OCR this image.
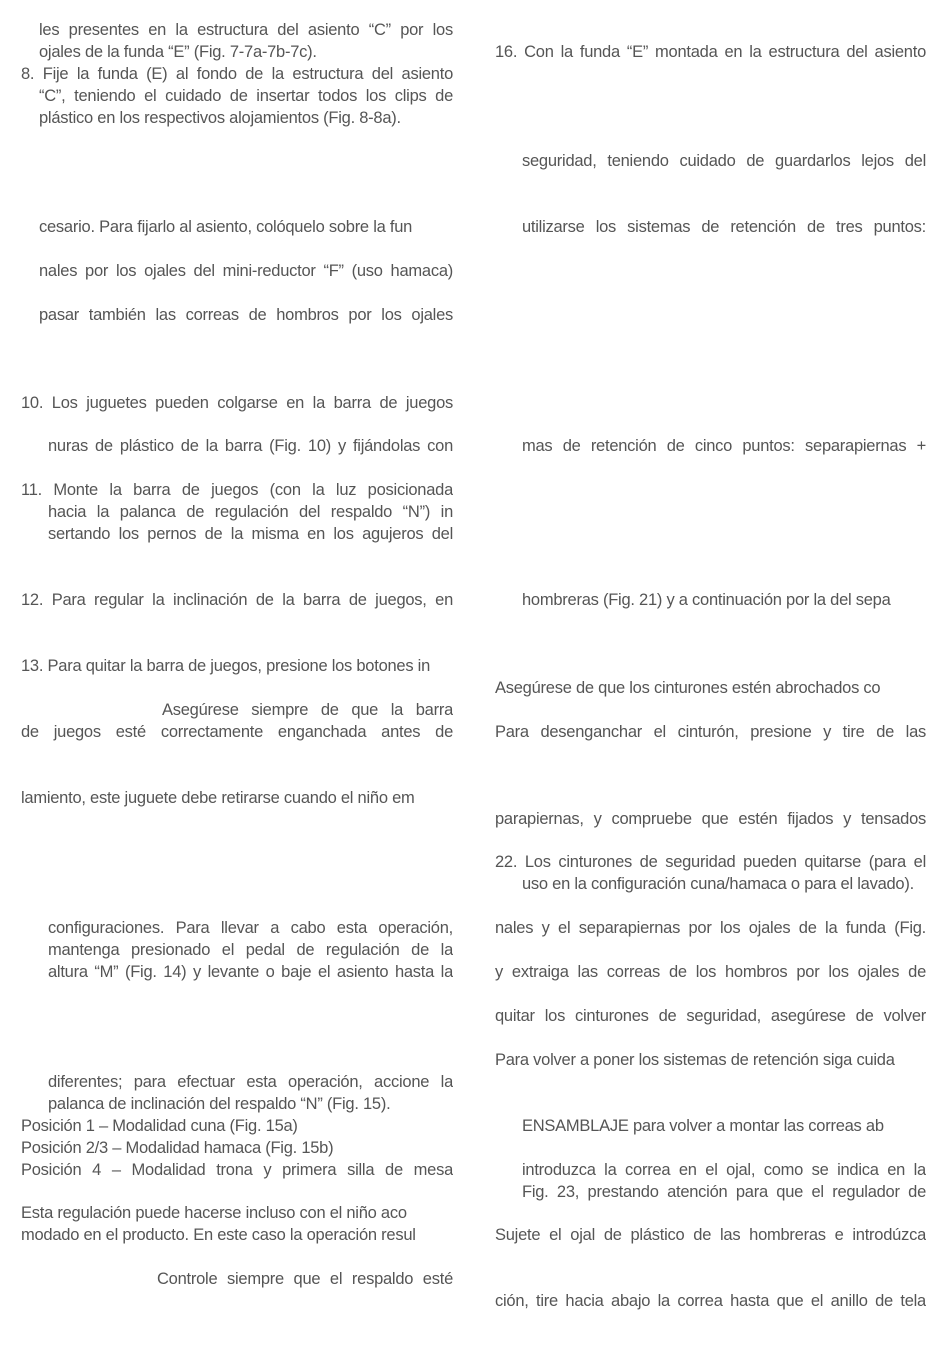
les presentes en la estructura del asiento “C” por los
ojales de la funda “E” (Fig. 7-7a-7b-7c).
8. Fije la funda (E) al fondo de la estructura del asiento
“C”, teniendo el cuidado de insertar todos los clips de
plástico en los respectivos alojamientos (Fig. 8-8a).
cesario. Para fijarlo al asiento, colóquelo sobre la fun
nales por los ojales del mini-reductor “F” (uso hamaca)
pasar también las correas de hombros por los ojales
10. Los juguetes pueden colgarse en la barra de juegos
nuras de plástico de la barra (Fig. 10) y fijándolas con
11. Monte la barra de juegos (con la luz posicionada
hacia la palanca de regulación del respaldo “N”) in
sertando los pernos de la misma en los agujeros del
12. Para regular la inclinación de la barra de juegos, en
13. Para quitar la barra de juegos, presione los botones in
Asegúrese siempre de que la barra
de juegos esté correctamente enganchada antes de
lamiento, este juguete debe retirarse cuando el niño em
configuraciones. Para llevar a cabo esta operación,
mantenga presionado el pedal de regulación de la
altura “M” (Fig. 14) y levante o baje el asiento hasta la
diferentes; para efectuar esta operación, accione la
palanca de inclinación del respaldo “N” (Fig. 15).
Posición 1 – Modalidad cuna (Fig. 15a)
Posición 2/3 – Modalidad hamaca (Fig. 15b)
Posición 4 – Modalidad trona y primera silla de mesa
Esta regulación puede hacerse incluso con el niño aco
modado en el producto. En este caso la operación resul
Controle siempre que el respaldo esté
16. Con la funda “E” montada en la estructura del asiento
seguridad, teniendo cuidado de guardarlos lejos del
utilizarse los sistemas de retención de tres puntos:
mas de retención de cinco puntos: separapiernas +
hombreras (Fig. 21) y a continuación por la del sepa
Asegúrese de que los cinturones estén abrochados co
Para desenganchar el cinturón, presione y tire de las
parapiernas, y compruebe que estén fijados y tensados
22. Los cinturones de seguridad pueden quitarse (para el
uso en la configuración cuna/hamaca o para el lavado).
nales y el separapiernas por los ojales de la funda (Fig.
y extraiga las correas de los hombros por los ojales de
quitar los cinturones de seguridad, asegúrese de volver
Para volver a poner los sistemas de retención siga cuida
ENSAMBLAJE para volver a montar las correas ab
introduzca la correa en el ojal, como se indica en la
Fig. 23, prestando atención para que el regulador de
Sujete el ojal de plástico de las hombreras e introdúzca
ción, tire hacia abajo la correa hasta que el anillo de tela
